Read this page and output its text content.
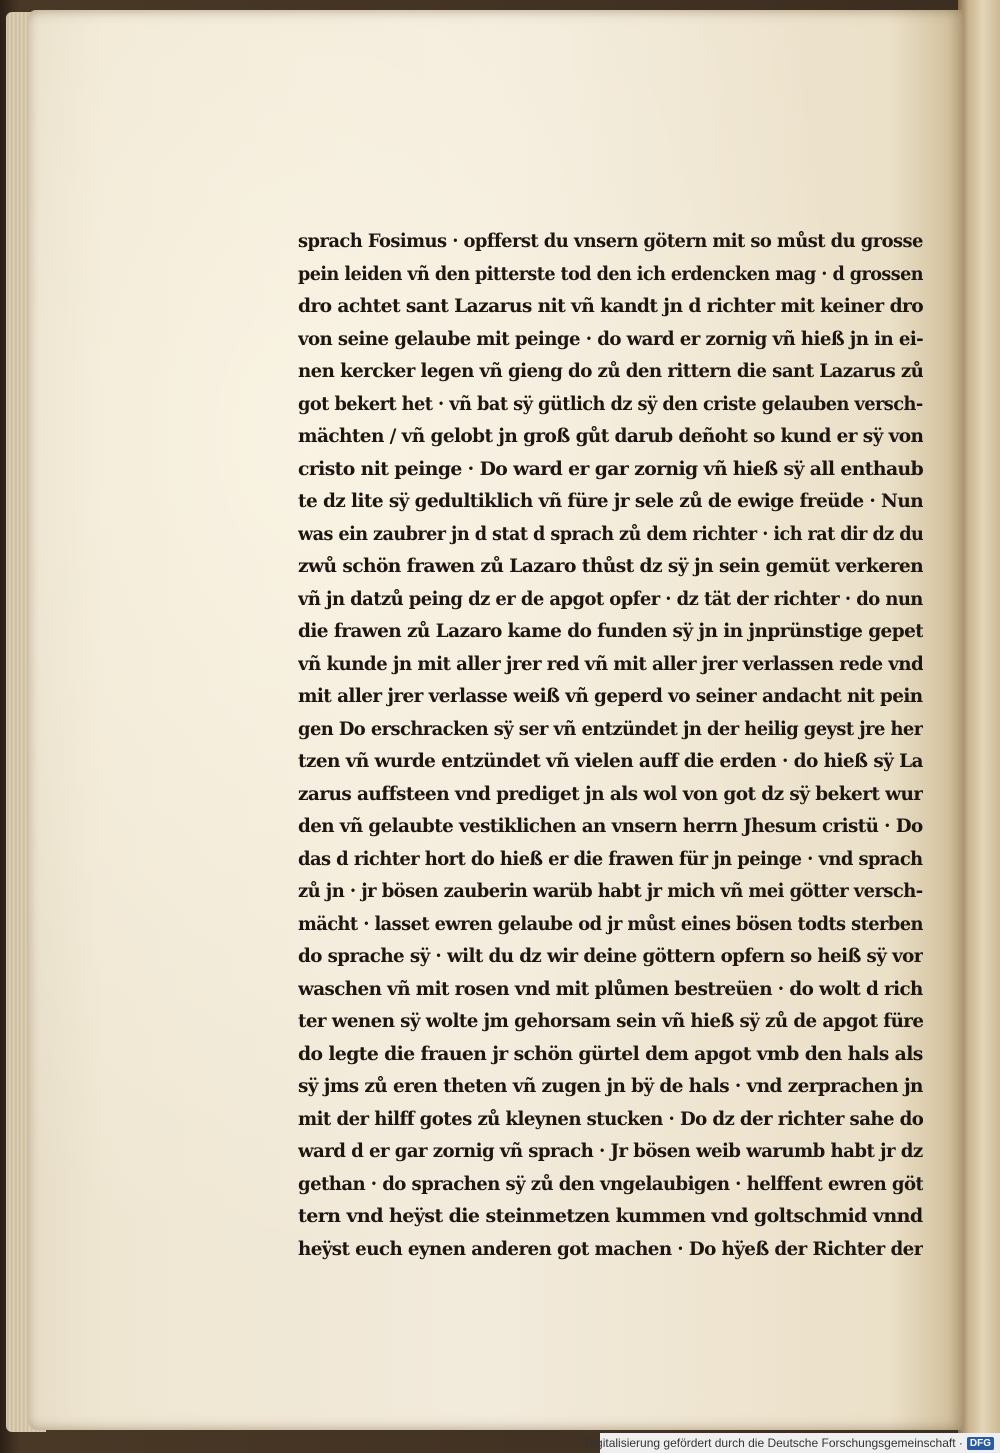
sprach Fosimus · opfferst du vnsern götern mit so můst du grosse
pein leiden vñ den pitterste tod den ich erdencken mag · d grossen
dro achtet sant Lazarus nit vñ kandt jn d richter mit keiner dro
von seine gelaube mit peinge · do ward er zornig vñ hieß jn in ei-
nen kercker legen vñ gieng do zů den rittern die sant Lazarus zů
got bekert het · vñ bat sÿ gütlich dz sÿ den criste gelauben versch-
mächten / vñ gelobt jn groß gůt darub deñoht so kund er sÿ von
cristo nit peinge · Do ward er gar zornig vñ hieß sÿ all enthaub
te dz lite sÿ gedultiklich vñ füre jr sele zů de ewige freüde · Nun
was ein zaubrer jn d stat d sprach zů dem richter · ich rat dir dz du
zwů schön frawen zů Lazaro thůst dz sÿ jn sein gemüt verkeren
vñ jn datzů peing dz er de apgot opfer · dz tät der richter · do nun
die frawen zů Lazaro kame do funden sÿ jn in jnprünstige gepet
vñ kunde jn mit aller jrer red vñ mit aller jrer verlassen rede vnd
mit aller jrer verlasse weiß vñ geperd vo seiner andacht nit pein
gen Do erschracken sÿ ser vñ entzündet jn der heilig geyst jre her
tzen vñ wurde entzündet vñ vielen auff die erden · do hieß sÿ La
zarus auffsteen vnd prediget jn als wol von got dz sÿ bekert wur
den vñ gelaubte vestiklichen an vnsern herrn Jhesum cristü · Do
das d richter hort do hieß er die frawen für jn peinge · vnd sprach
zů jn · jr bösen zauberin warüb habt jr mich vñ mei götter versch-
mächt · lasset ewren gelaube od jr můst eines bösen todts sterben
do sprache sÿ · wilt du dz wir deine göttern opfern so heiß sÿ vor
waschen vñ mit rosen vnd mit plůmen bestreüen · do wolt d rich
ter wenen sÿ wolte jm gehorsam sein vñ hieß sÿ zů de apgot füre
do legte die frauen jr schön gürtel dem apgot vmb den hals als
sÿ jms zů eren theten vñ zugen jn bÿ de hals · vnd zerprachen jn
mit der hilff gotes zů kleynen stucken · Do dz der richter sahe do
ward d er gar zornig vñ sprach · Jr bösen weib warumb habt jr dz
gethan · do sprachen sÿ zů den vngelaubigen · helffent ewren göt
tern vnd heÿst die steinmetzen kummen vnd goltschmid vnnd
heÿst euch eynen anderen got machen · Do hÿeß der Richter der
Digitalisierung gefördert durch die Deutsche Forschungsgemeinschaft · DFG
